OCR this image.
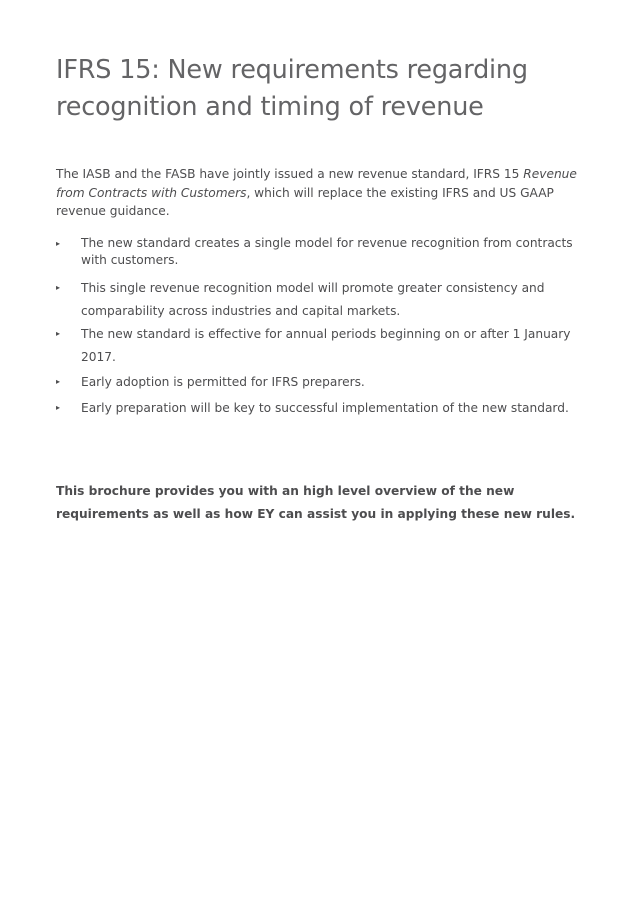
IFRS 15: New requirements regarding recognition and timing of revenue

The IASB and the FASB have jointly issued a new revenue standard, IFRS 15 Revenue from Contracts with Customers, which will replace the existing IFRS and US GAAP revenue guidance.

▸ The new standard creates a single model for revenue recognition from contracts with customers.
▸ This single revenue recognition model will promote greater consistency and comparability across industries and capital markets.
▸ The new standard is effective for annual periods beginning on or after 1 January 2017.
▸ Early adoption is permitted for IFRS preparers.
▸ Early preparation will be key to successful implementation of the new standard.

This brochure provides you with an high level overview of the new requirements as well as how EY can assist you in applying these new rules.
